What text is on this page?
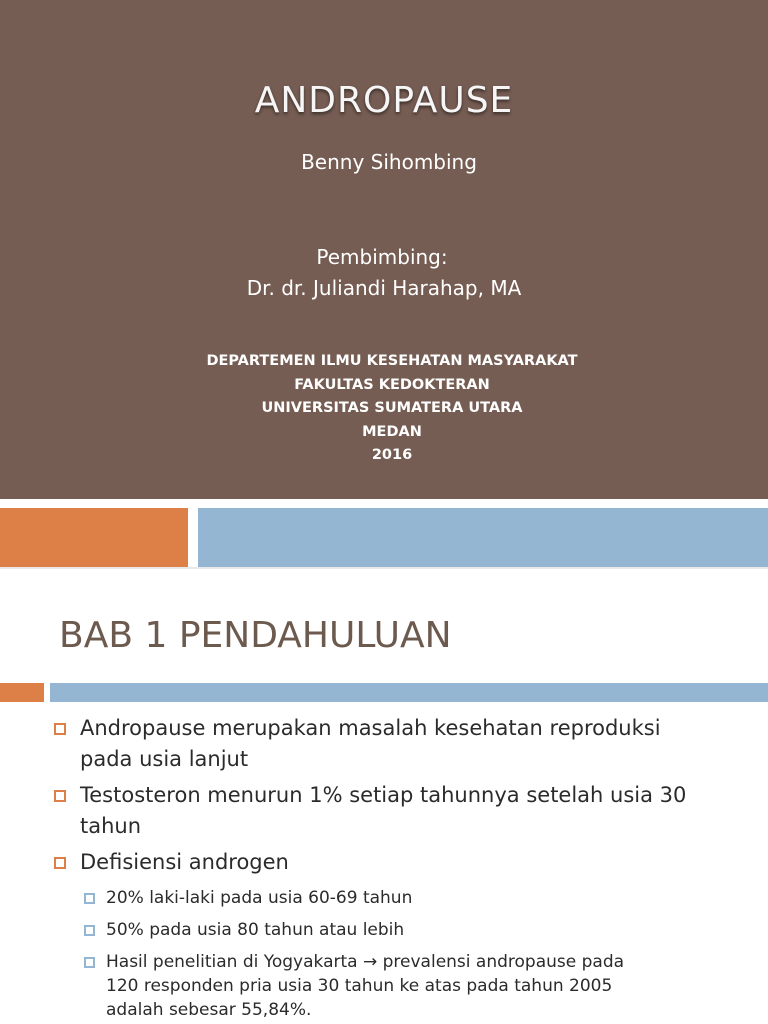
ANDROPAUSE
Benny Sihombing
Pembimbing:
Dr. dr. Juliandi Harahap, MA
DEPARTEMEN ILMU KESEHATAN MASYARAKAT
FAKULTAS KEDOKTERAN
UNIVERSITAS SUMATERA UTARA
MEDAN
2016
BAB 1 PENDAHULUAN
Andropause merupakan masalah kesehatan reproduksi
pada usia lanjut
Testosteron menurun 1% setiap tahunnya setelah usia 30
tahun
Defisiensi androgen
20% laki-laki pada usia 60-69 tahun
50% pada usia 80 tahun atau lebih
Hasil penelitian di Yogyakarta → prevalensi andropause pada
120 responden pria usia 30 tahun ke atas pada tahun 2005
adalah sebesar 55,84%.
